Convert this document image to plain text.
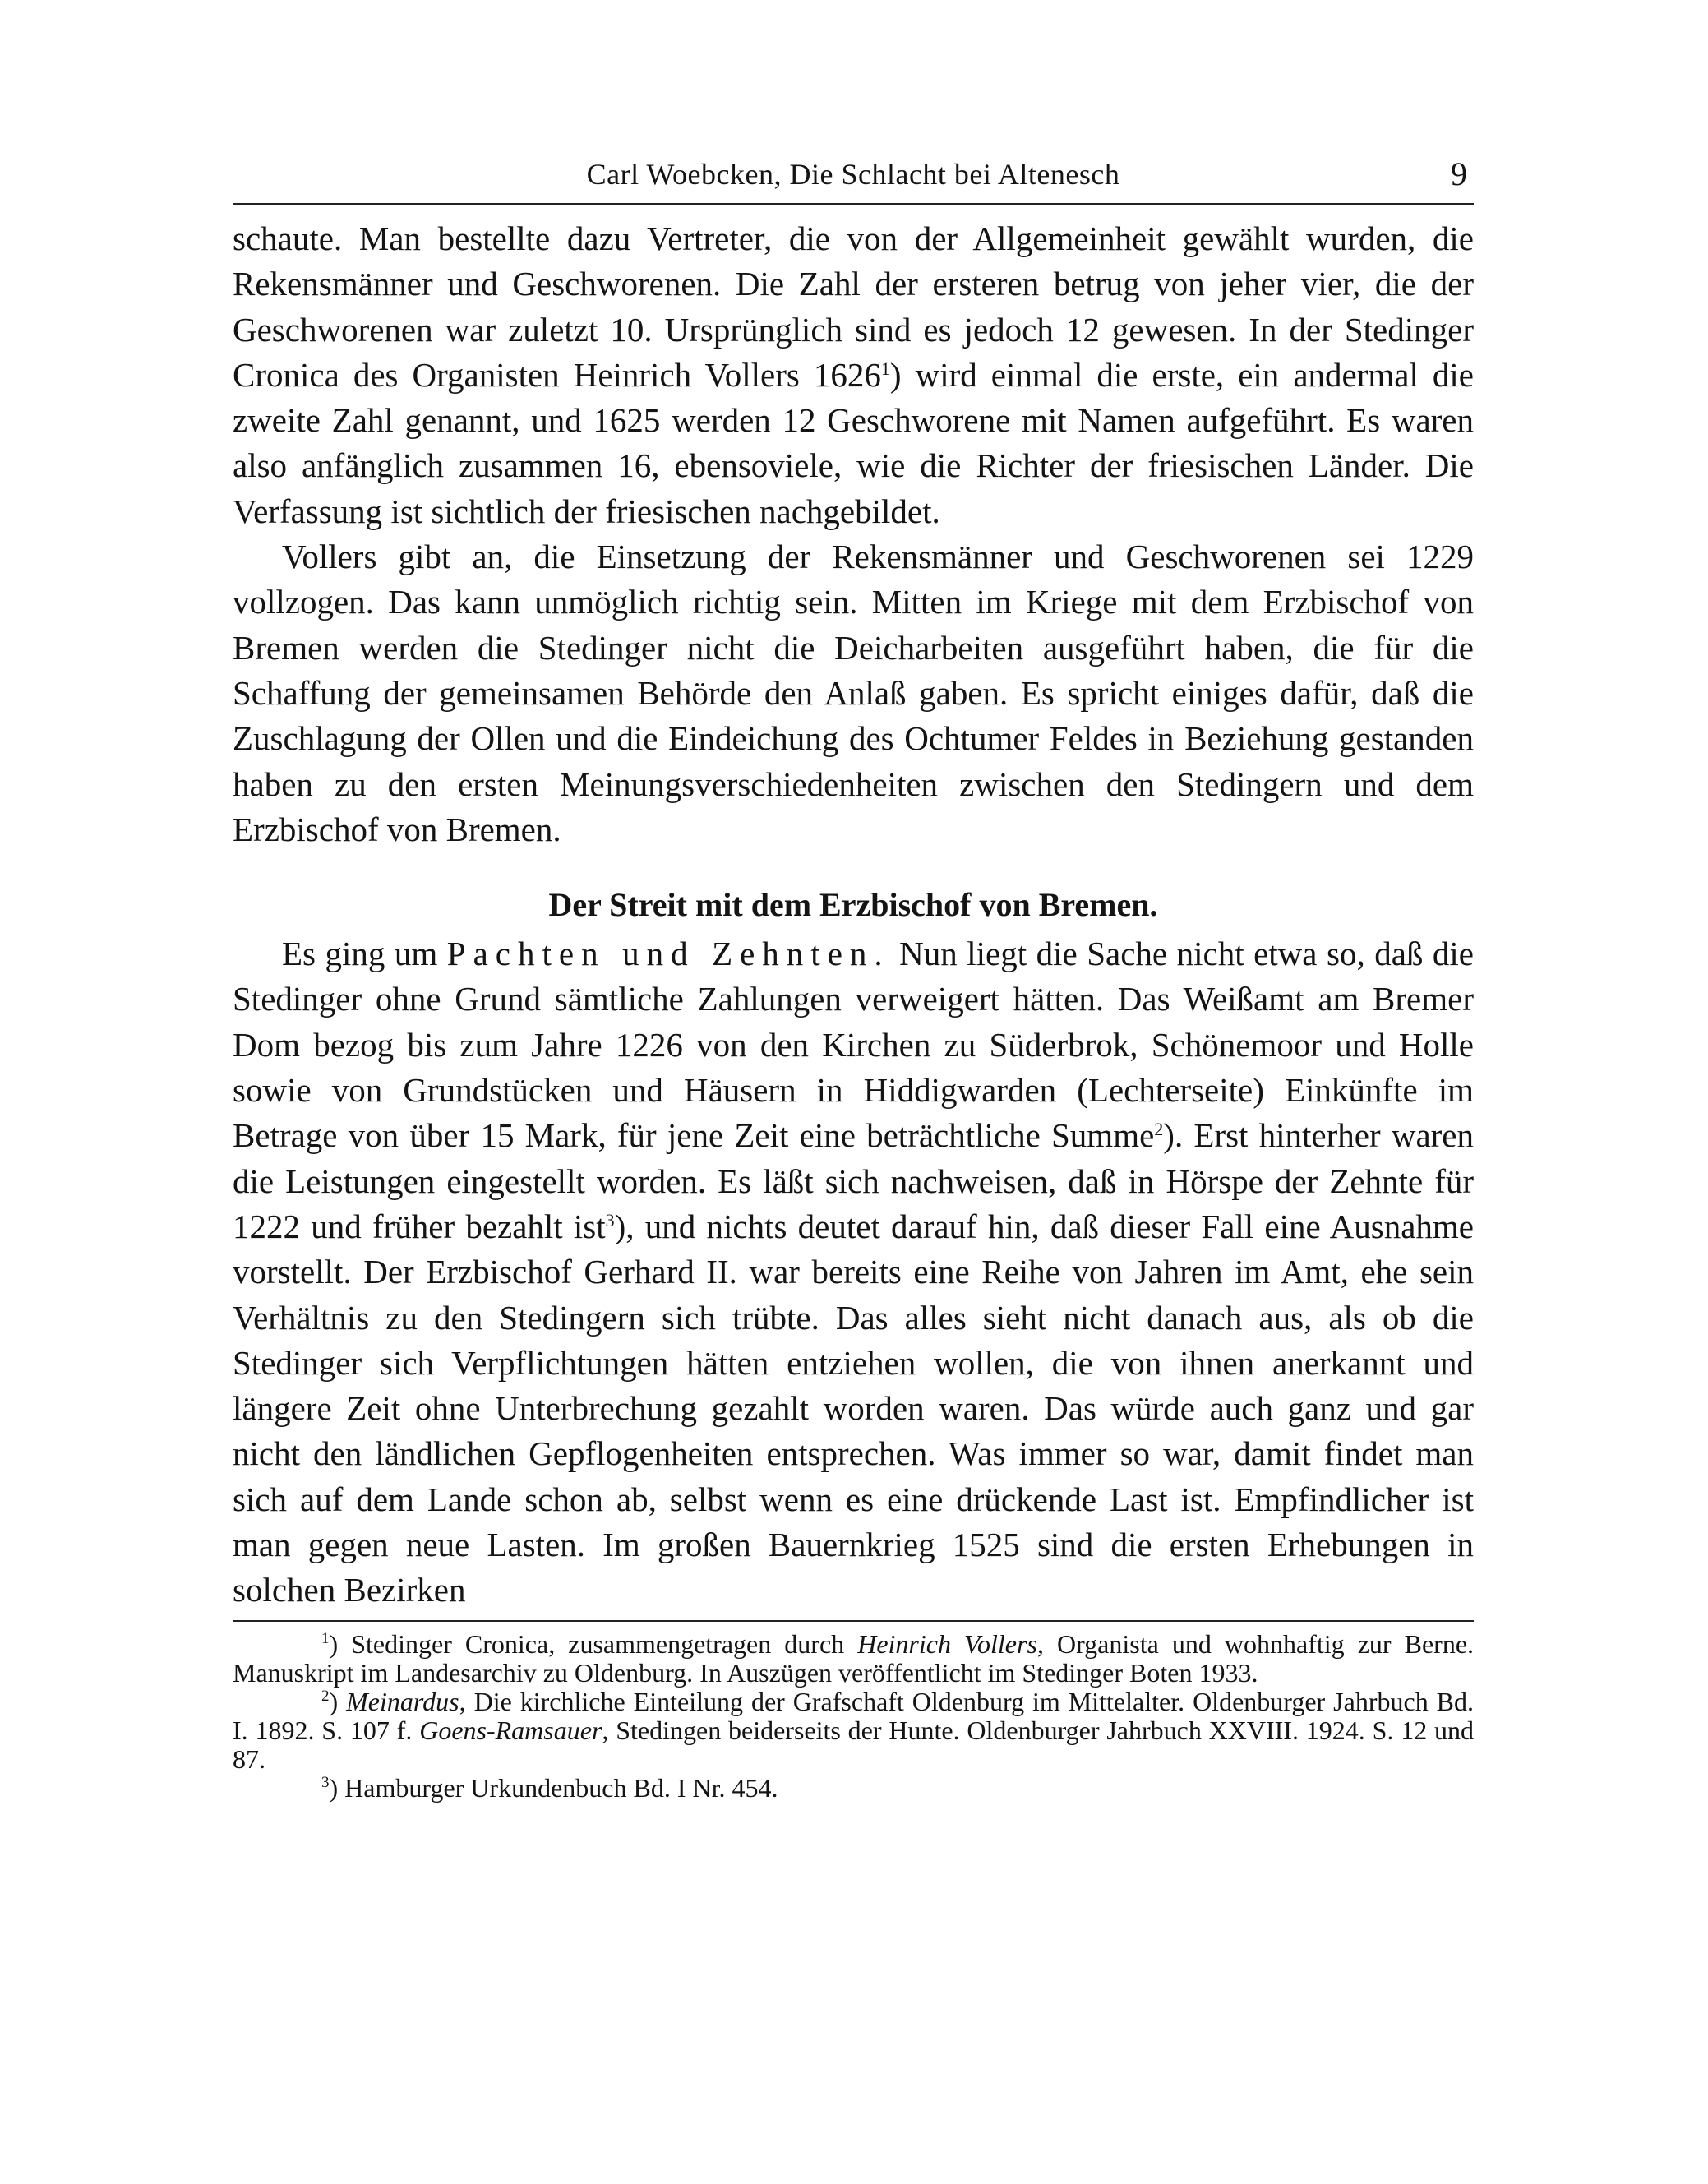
Carl Woebcken, Die Schlacht bei Altenesch	9

schaute. Man bestellte dazu Vertreter, die von der Allgemeinheit gewählt wurden, die Rekensmänner und Geschworenen. Die Zahl der ersteren betrug von jeher vier, die der Geschworenen war zuletzt 10. Ursprünglich sind es jedoch 12 gewesen. In der Stedinger Cronica des Organisten Heinrich Vollers 1626$^1$) wird einmal die erste, ein andermal die zweite Zahl genannt, und 1625 werden 12 Geschworene mit Namen aufgeführt. Es waren also anfänglich zusammen 16, ebensoviele, wie die Richter der friesischen Länder. Die Verfassung ist sichtlich der friesischen nachgebildet.

Vollers gibt an, die Einsetzung der Rekensmänner und Geschworenen sei 1229 vollzogen. Das kann unmöglich richtig sein. Mitten im Kriege mit dem Erzbischof von Bremen werden die Stedinger nicht die Deicharbeiten ausgeführt haben, die für die Schaffung der gemeinsamen Behörde den Anlaß gaben. Es spricht einiges dafür, daß die Zuschlagung der Ollen und die Eindeichung des Ochtumer Feldes in Beziehung gestanden haben zu den ersten Meinungsverschiedenheiten zwischen den Stedingern und dem Erzbischof von Bremen.

Der Streit mit dem Erzbischof von Bremen.

Es ging um Pachten und Zehnten. Nun liegt die Sache nicht etwa so, daß die Stedinger ohne Grund sämtliche Zahlungen verweigert hätten. Das Weißamt am Bremer Dom bezog bis zum Jahre 1226 von den Kirchen zu Süderbrok, Schönemoor und Holle sowie von Grundstücken und Häusern in Hiddigwarden (Lechterseite) Einkünfte im Betrage von über 15 Mark, für jene Zeit eine beträchtliche Summe$^2$). Erst hinterher waren die Leistungen eingestellt worden. Es läßt sich nachweisen, daß in Hörspe der Zehnte für 1222 und früher bezahlt ist$^3$), und nichts deutet darauf hin, daß dieser Fall eine Ausnahme vorstellt. Der Erzbischof Gerhard II. war bereits eine Reihe von Jahren im Amt, ehe sein Verhältnis zu den Stedingern sich trübte. Das alles sieht nicht danach aus, als ob die Stedinger sich Verpflichtungen hätten entziehen wollen, die von ihnen anerkannt und längere Zeit ohne Unterbrechung gezahlt worden waren. Das würde auch ganz und gar nicht den ländlichen Gepflogenheiten entsprechen. Was immer so war, damit findet man sich auf dem Lande schon ab, selbst wenn es eine drückende Last ist. Empfindlicher ist man gegen neue Lasten. Im großen Bauernkrieg 1525 sind die ersten Erhebungen in solchen Bezirken

$^1$) Stedinger Cronica, zusammengetragen durch Heinrich Vollers, Organista und wohnhaftig zur Berne. Manuskript im Landesarchiv zu Oldenburg. In Auszügen veröffentlicht im Stedinger Boten 1933.

$^2$) Meinardus, Die kirchliche Einteilung der Grafschaft Oldenburg im Mittelalter. Oldenburger Jahrbuch Bd. I. 1892. S. 107 f. Goens-Ramsauer, Stedingen beiderseits der Hunte. Oldenburger Jahrbuch XXVIII. 1924. S. 12 und 87.

$^3$) Hamburger Urkundenbuch Bd. I Nr. 454.
